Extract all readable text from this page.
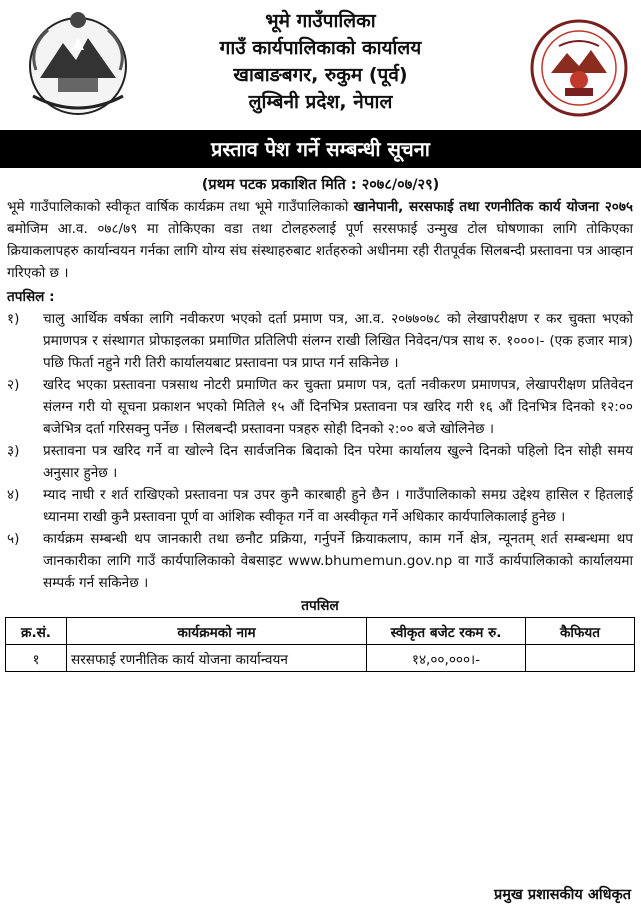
भूमे गाउँपालिका
गाउँ कार्यपालिकाको कार्यालय
खाबाङबगर, रुकुम (पूर्व)
लुम्बिनी प्रदेश, नेपाल
प्रस्ताव पेश गर्ने सम्बन्धी सूचना
(प्रथम पटक प्रकाशित मिति : २०७८/०७/२९)

भूमे गाउँपालिकाको स्वीकृत वार्षिक कार्यक्रम तथा भूमे गाउँपालिकाको खानेपानी, सरसफाई तथा रणनीतिक कार्य योजना २०७५ बमोजिम आ.व. ०७८/७९ मा तोकिएका वडा तथा टोलहरुलाई पूर्ण सरसफाई उन्मुख टोल घोषणाका लागि तोकिएका क्रियाकलापहरु कार्यान्वयन गर्नका लागि योग्य संघ संस्थाहरुबाट शर्तहरुको अधीनमा रही रीतपूर्वक सिलबन्दी प्रस्तावना पत्र आव्हान गरिएको छ ।

तपसिल :
१)	चालु आर्थिक वर्षका लागि नवीकरण भएको दर्ता प्रमाण पत्र, आ.व. २०७७०७८ को लेखापरीक्षण र कर चुक्ता भएको प्रमाणपत्र र संस्थागत प्रोफाइलका प्रमाणित प्रतिलिपी संलग्न राखी लिखित निवेदन/पत्र साथ रु. १०००।- (एक हजार मात्र) पछि फिर्ता नहुने गरी तिरी कार्यालयबाट प्रस्तावना पत्र प्राप्त गर्न सकिनेछ ।
२)	खरिद भएका प्रस्तावना पत्रसाथ नोटरी प्रमाणित कर चुक्ता प्रमाण पत्र, दर्ता नवीकरण प्रमाणपत्र, लेखापरीक्षण प्रतिवेदन संलग्न गरी यो सूचना प्रकाशन भएको मितिले १५ औं दिनभित्र प्रस्तावना पत्र खरिद गरी १६ औं दिनभित्र दिनको १२:०० बजेभित्र दर्ता गरिसक्नु पर्नेछ । सिलबन्दी प्रस्तावना पत्रहरु सोही दिनको २:०० बजे खोलिनेछ ।
३)	प्रस्तावना पत्र खरिद गर्ने वा खोल्ने दिन सार्वजनिक बिदाको दिन परेमा कार्यालय खुल्ने दिनको पहिलो दिन सोही समय अनुसार हुनेछ ।
४)	म्याद नाघी र शर्त राखिएको प्रस्तावना पत्र उपर कुनै कारबाही हुने छैन । गाउँपालिकाको समग्र उद्देश्य हासिल र हितलाई ध्यानमा राखी कुनै प्रस्तावना पूर्ण वा आंशिक स्वीकृत गर्ने वा अस्वीकृत गर्ने अधिकार कार्यपालिकालाई हुनेछ ।
५)	कार्यक्रम सम्बन्धी थप जानकारी तथा छनौट प्रक्रिया, गर्नुपर्ने क्रियाकलाप, काम गर्ने क्षेत्र, न्यूनतम् शर्त सम्बन्धमा थप जानकारीका लागि गाउँ कार्यपालिकाको वेबसाइट www.bhumemun.gov.np वा गाउँ कार्यपालिकाको कार्यालयमा सम्पर्क गर्न सकिनेछ ।
तपसिल
क्र.सं.	कार्यक्रमको नाम	स्वीकृत बजेट रकम रु.	कैफियत
१	सरसफाई रणनीतिक कार्य योजना कार्यान्वयन	१४,००,०००।-	
प्रमुख प्रशासकीय अधिकृत
